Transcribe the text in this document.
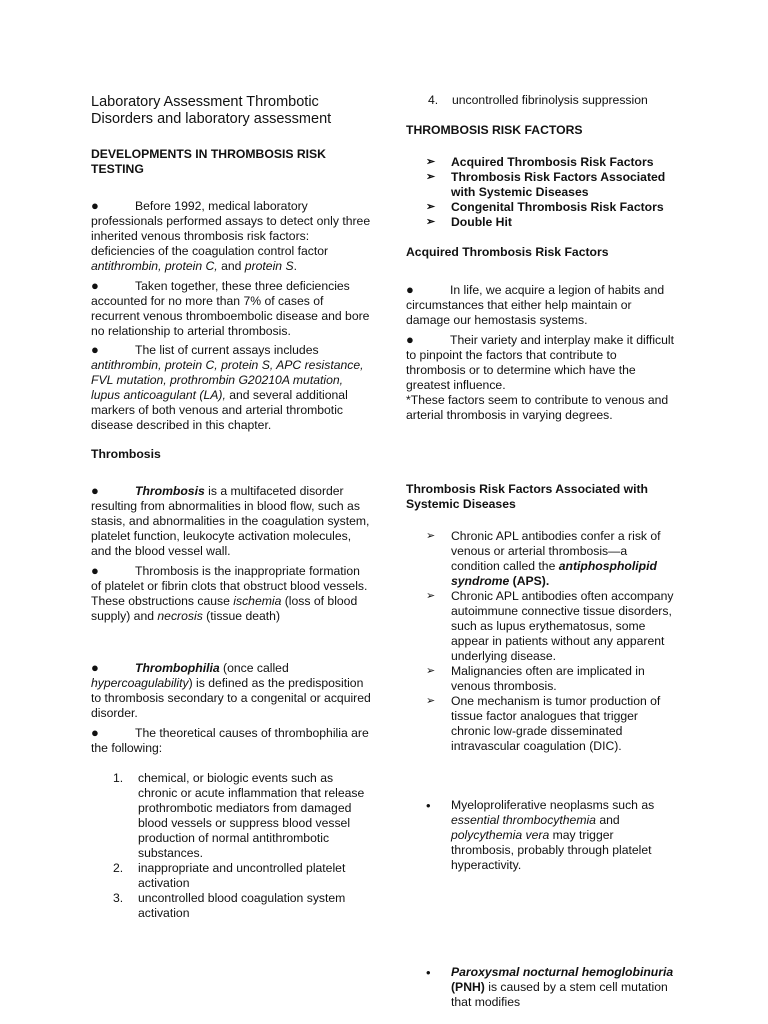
Laboratory Assessment Thrombotic Disorders and laboratory assessment
DEVELOPMENTS IN THROMBOSIS RISK TESTING

●	Before 1992, medical laboratory professionals performed assays to detect only three inherited venous thrombosis risk factors: deficiencies of the coagulation control factor antithrombin, protein C, and protein S.

●	Taken together, these three deficiencies accounted for no more than 7% of cases of recurrent venous thromboembolic disease and bore no relationship to arterial thrombosis.

●	The list of current assays includes antithrombin, protein C, protein S, APC resistance, FVL mutation, prothrombin G20210A mutation, lupus anticoagulant (LA), and several additional markers of both venous and arterial thrombotic disease described in this chapter.

Thrombosis

●	Thrombosis is a multifaceted disorder resulting from abnormalities in blood flow, such as stasis, and abnormalities in the coagulation system, platelet function, leukocyte activation molecules, and the blood vessel wall.

●	Thrombosis is the inappropriate formation of platelet or fibrin clots that obstruct blood vessels. These obstructions cause ischemia (loss of blood supply) and necrosis (tissue death)

●	Thrombophilia (once called hypercoagulability) is defined as the predisposition to thrombosis secondary to a congenital or acquired disorder.

●	The theoretical causes of thrombophilia are the following:

1. chemical, or biologic events such as chronic or acute inflammation that release prothrombotic mediators from damaged blood vessels or suppress blood vessel production of normal antithrombotic substances.
2. inappropriate and uncontrolled platelet activation
3. uncontrolled blood coagulation system activation
4. uncontrolled fibrinolysis suppression
THROMBOSIS RISK FACTORS
➢ Acquired Thrombosis Risk Factors
➢ Thrombosis Risk Factors Associated with Systemic Diseases
➢ Congenital Thrombosis Risk Factors
➢ Double Hit
Acquired Thrombosis Risk Factors

●	In life, we acquire a legion of habits and circumstances that either help maintain or damage our hemostasis systems.

●	Their variety and interplay make it difficult to pinpoint the factors that contribute to thrombosis or to determine which have the greatest influence.
*These factors seem to contribute to venous and arterial thrombosis in varying degrees.

Thrombosis Risk Factors Associated with Systemic Diseases
➢ Chronic APL antibodies confer a risk of venous or arterial thrombosis—a condition called the antiphospholipid syndrome (APS).
➢ Chronic APL antibodies often accompany autoimmune connective tissue disorders, such as lupus erythematosus, some appear in patients without any apparent underlying disease.
➢ Malignancies often are implicated in venous thrombosis.
➢ One mechanism is tumor production of tissue factor analogues that trigger chronic low-grade disseminated intravascular coagulation (DIC).
• Myeloproliferative neoplasms such as essential thrombocythemia and polycythemia vera may trigger thrombosis, probably through platelet hyperactivity.
• Paroxysmal nocturnal hemoglobinuria (PNH) is caused by a stem cell mutation that modifies
